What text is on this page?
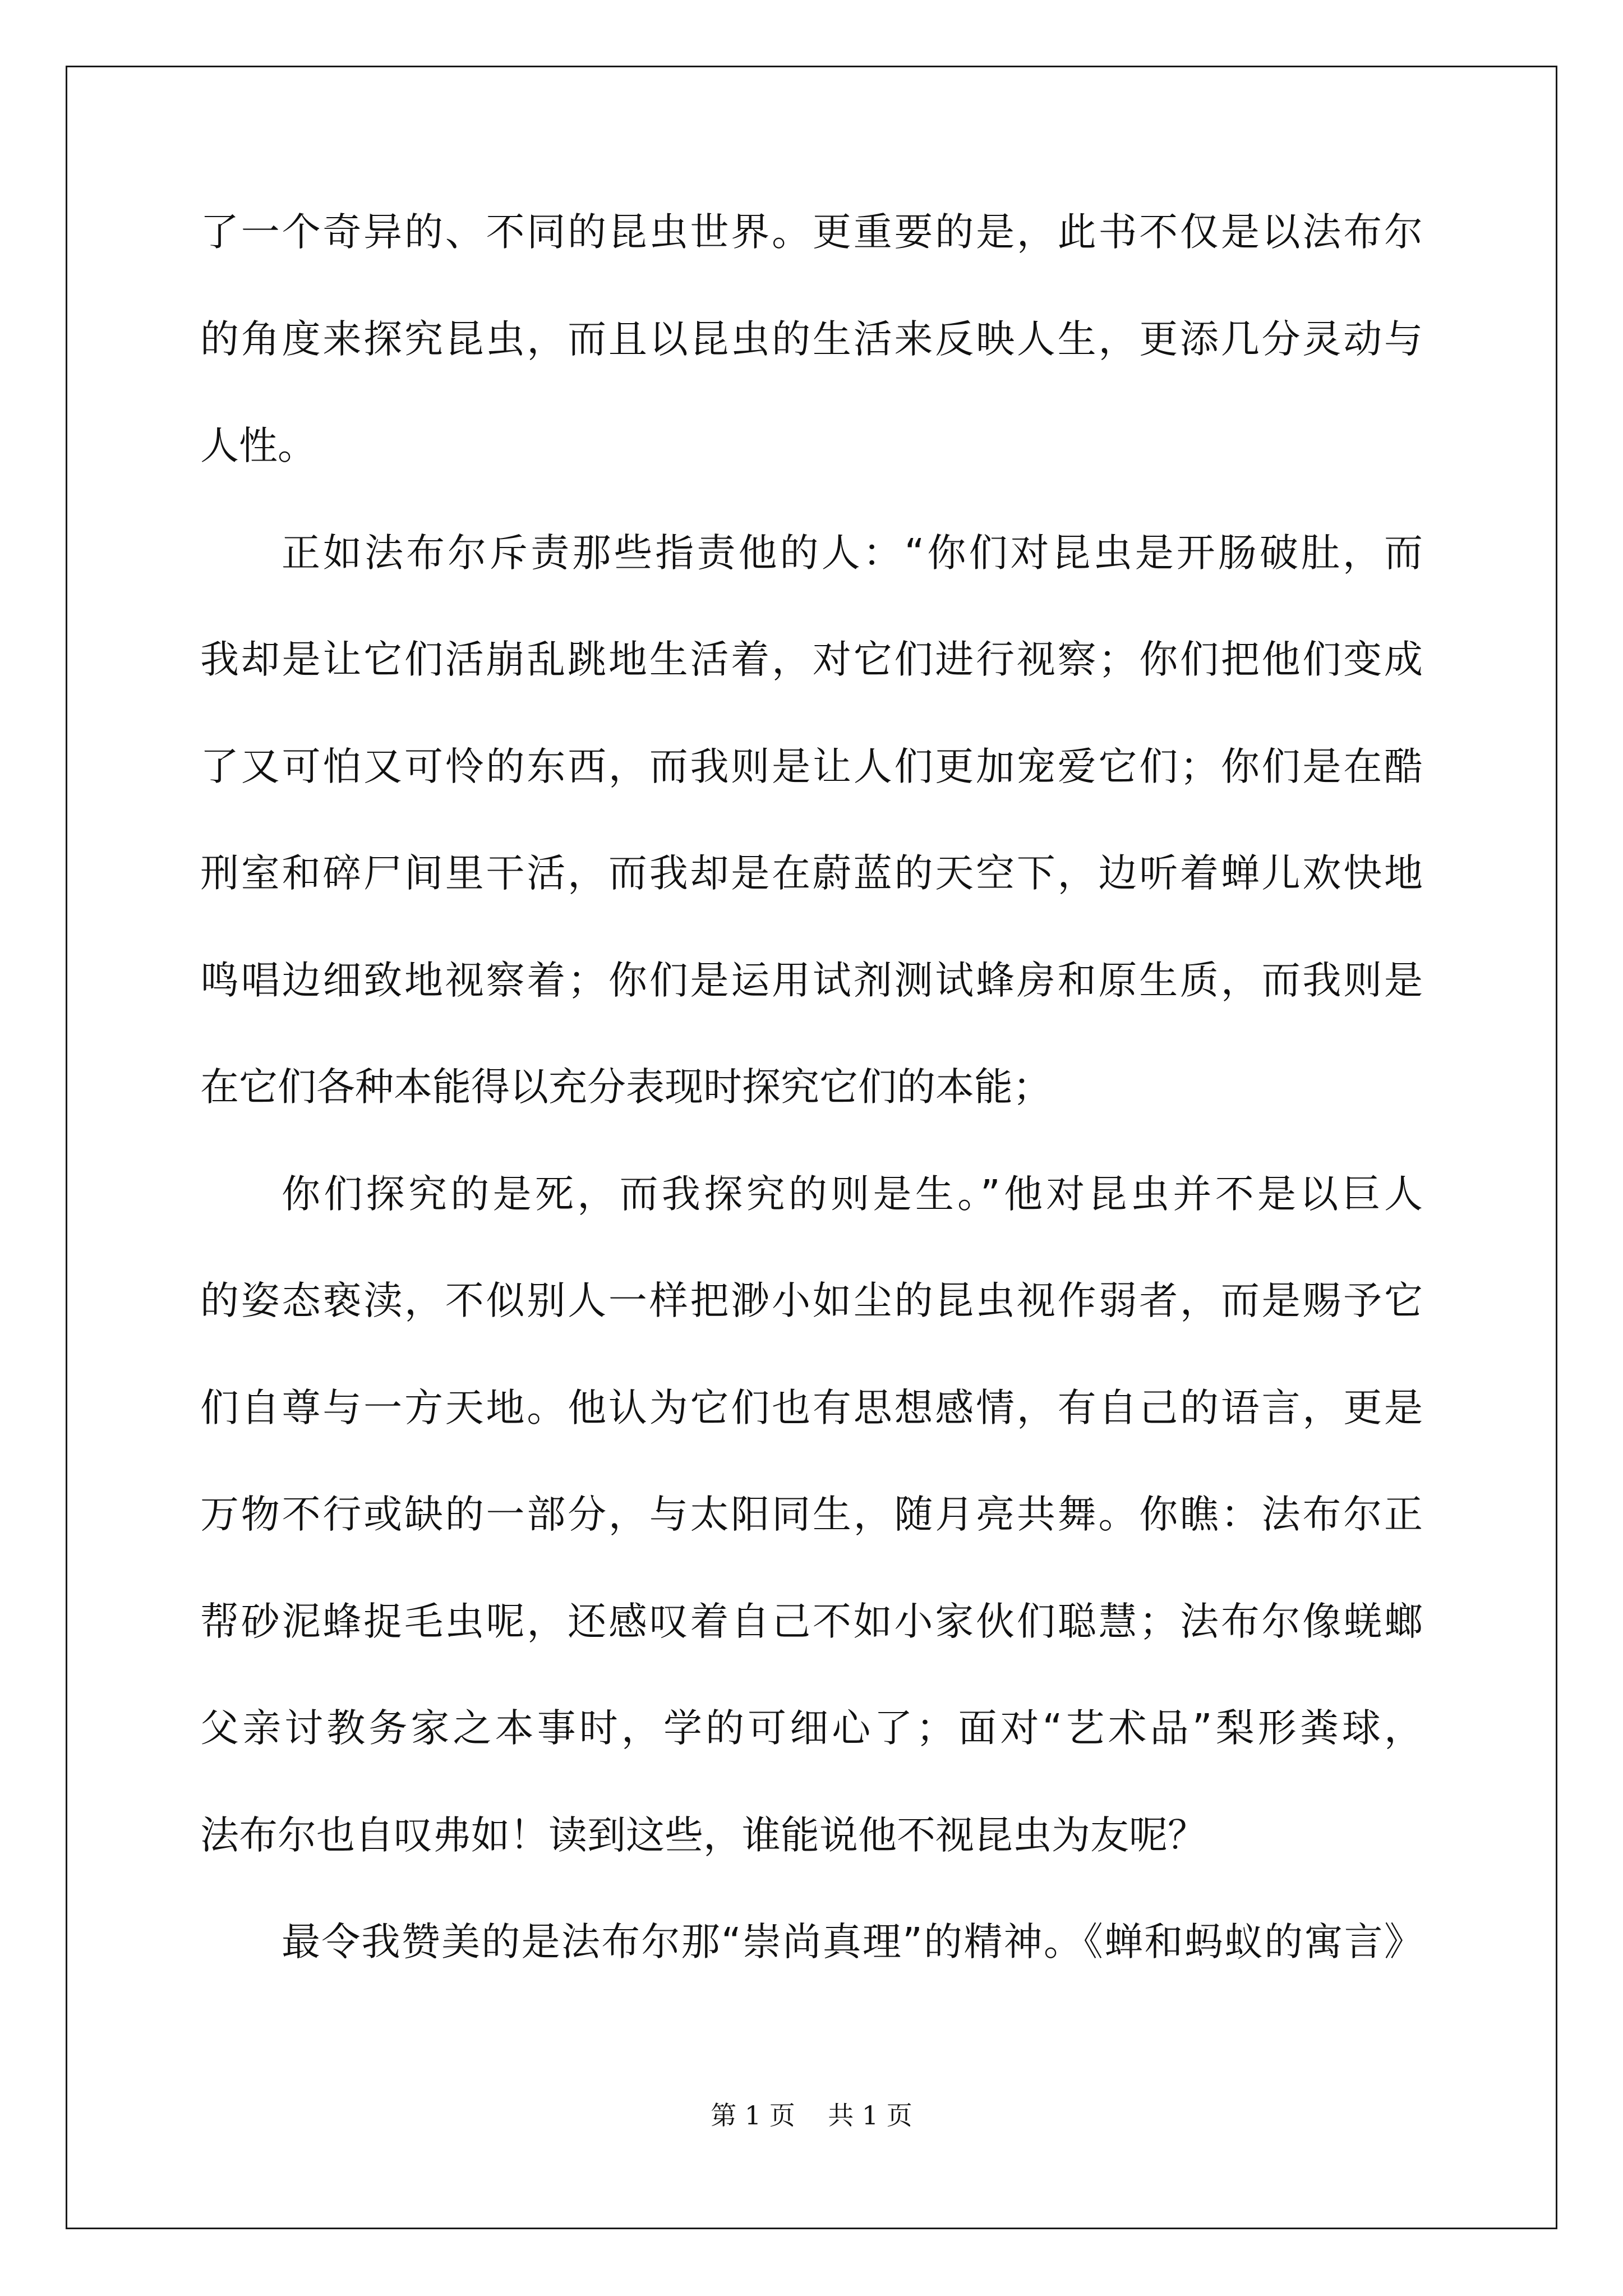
了一个奇异的、不同的昆虫世界。更重要的是，此书不仅是以法布尔
的角度来探究昆虫，而且以昆虫的生活来反映人生，更添几分灵动与
人性。
正如法布尔斥责那些指责他的人：“你们对昆虫是开肠破肚，而
我却是让它们活崩乱跳地生活着，对它们进行视察；你们把他们变成
了又可怕又可怜的东西，而我则是让人们更加宠爱它们；你们是在酷
刑室和碎尸间里干活，而我却是在蔚蓝的天空下，边听着蝉儿欢快地
鸣唱边细致地视察着；你们是运用试剂测试蜂房和原生质，而我则是
在它们各种本能得以充分表现时探究它们的本能；
你们探究的是死，而我探究的则是生。”他对昆虫并不是以巨人
的姿态亵渎，不似别人一样把渺小如尘的昆虫视作弱者，而是赐予它
们自尊与一方天地。他认为它们也有思想感情，有自己的语言，更是
万物不行或缺的一部分，与太阳同生，随月亮共舞。你瞧：法布尔正
帮砂泥蜂捉毛虫呢，还感叹着自己不如小家伙们聪慧；法布尔像蜣螂
父亲讨教务家之本事时，学的可细心了；面对“艺术品”梨形粪球，
法布尔也自叹弗如！读到这些，谁能说他不视昆虫为友呢？
最令我赞美的是法布尔那“崇尚真理”的精神。《蝉和蚂蚁的寓言》
第 1 页    共 1 页
